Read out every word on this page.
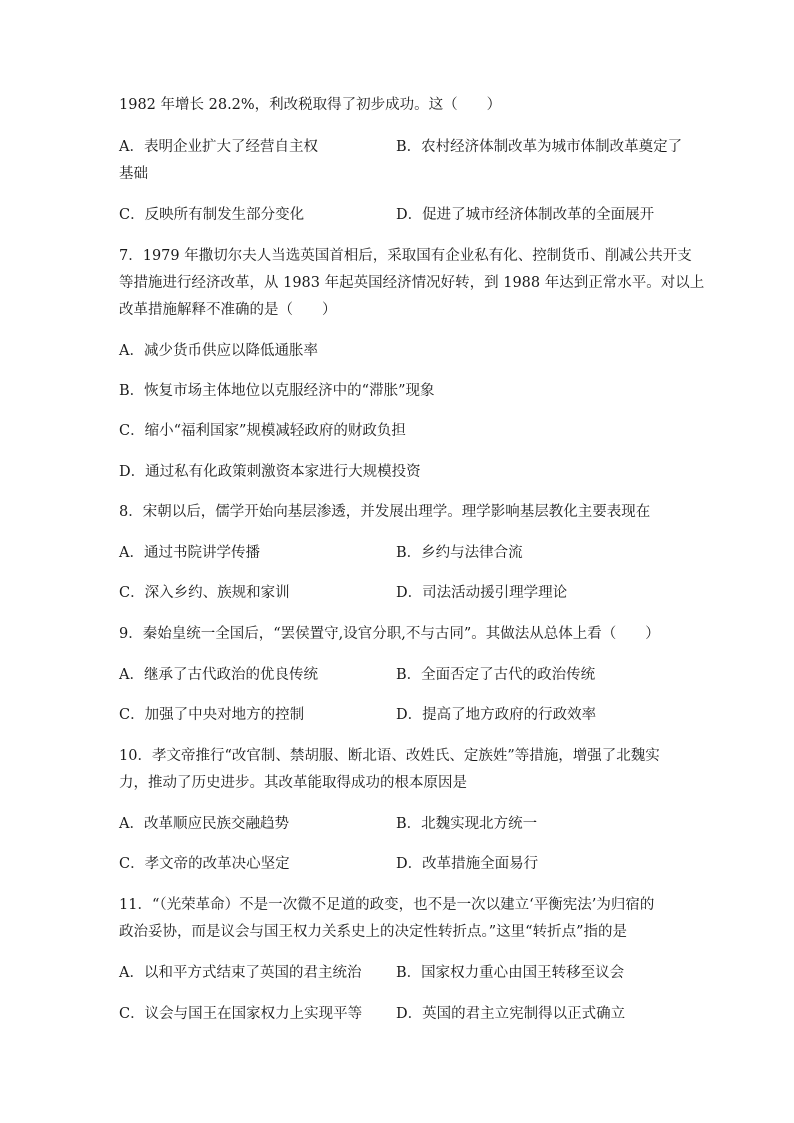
1982 年增长 28.2%，利改税取得了初步成功。这（　　）
A．表明企业扩大了经营自主权	B．农村经济体制改革为城市体制改革奠定了
基础
C．反映所有制发生部分变化	D．促进了城市经济体制改革的全面展开
7．1979 年撒切尔夫人当选英国首相后，采取国有企业私有化、控制货币、削减公共开支
等措施进行经济改革，从 1983 年起英国经济情况好转，到 1988 年达到正常水平。对以上
改革措施解释不准确的是（　　）
A．减少货币供应以降低通胀率
B．恢复市场主体地位以克服经济中的“滞胀”现象
C．缩小“福利国家”规模减轻政府的财政负担
D．通过私有化政策刺激资本家进行大规模投资
8．宋朝以后，儒学开始向基层渗透，并发展出理学。理学影响基层教化主要表现在
A．通过书院讲学传播	B．乡约与法律合流
C．深入乡约、族规和家训	D．司法活动援引理学理论
9．秦始皇统一全国后，“罢侯置守,设官分职,不与古同”。其做法从总体上看（　　）
A．继承了古代政治的优良传统	B．全面否定了古代的政治传统
C．加强了中央对地方的控制	D．提高了地方政府的行政效率
10．孝文帝推行“改官制、禁胡服、断北语、改姓氏、定族姓”等措施，增强了北魏实
力，推动了历史进步。其改革能取得成功的根本原因是
A．改革顺应民族交融趋势	B．北魏实现北方统一
C．孝文帝的改革决心坚定	D．改革措施全面易行
11．“（光荣革命）不是一次微不足道的政变，也不是一次以建立‘平衡宪法’为归宿的
政治妥协，而是议会与国王权力关系史上的决定性转折点。”这里“转折点”指的是
A．以和平方式结束了英国的君主统治 B．国家权力重心由国王转移至议会
C．议会与国王在国家权力上实现平等 D．英国的君主立宪制得以正式确立
